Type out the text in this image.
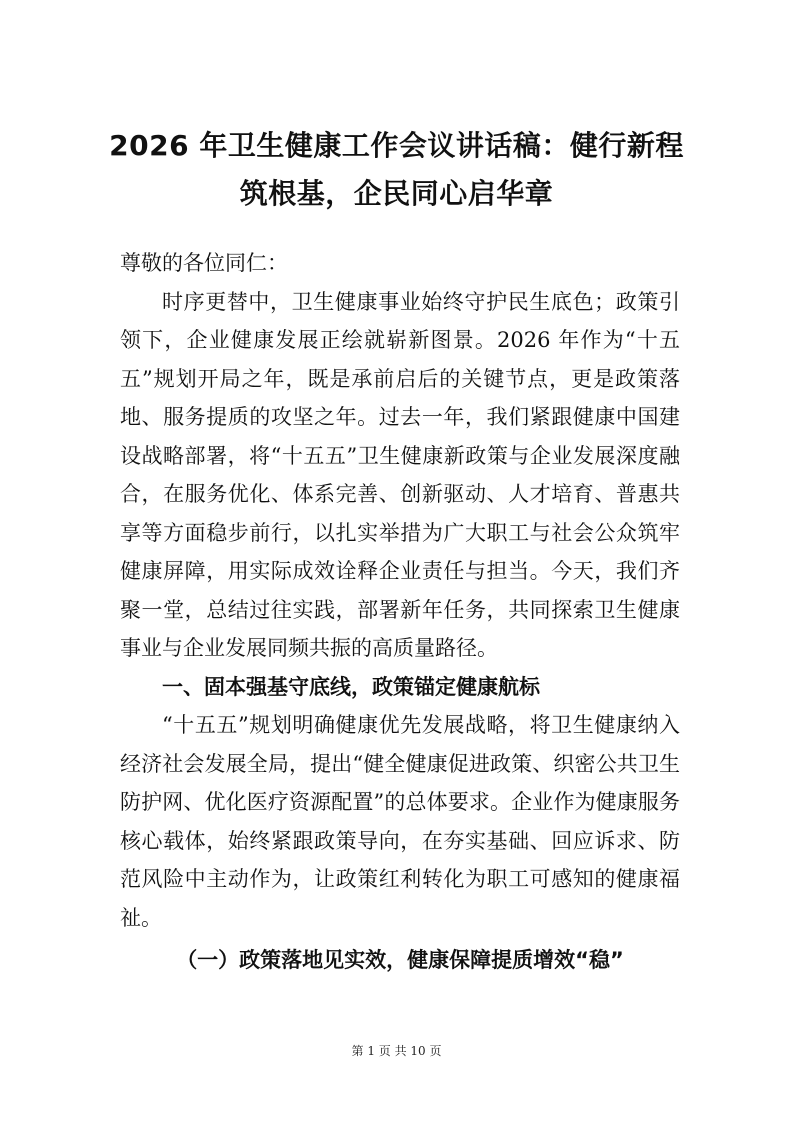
2026 年卫生健康工作会议讲话稿：健行新程
筑根基，企民同心启华章

尊敬的各位同仁：

时序更替中，卫生健康事业始终守护民生底色；政策引领下，企业健康发展正绘就崭新图景。2026 年作为“十五五”规划开局之年，既是承前启后的关键节点，更是政策落地、服务提质的攻坚之年。过去一年，我们紧跟健康中国建设战略部署，将“十五五”卫生健康新政策与企业发展深度融合，在服务优化、体系完善、创新驱动、人才培育、普惠共享等方面稳步前行，以扎实举措为广大职工与社会公众筑牢健康屏障，用实际成效诠释企业责任与担当。今天，我们齐聚一堂，总结过往实践，部署新年任务，共同探索卫生健康事业与企业发展同频共振的高质量路径。

一、固本强基守底线，政策锚定健康航标

“十五五”规划明确健康优先发展战略，将卫生健康纳入经济社会发展全局，提出“健全健康促进政策、织密公共卫生防护网、优化医疗资源配置”的总体要求。企业作为健康服务核心载体，始终紧跟政策导向，在夯实基础、回应诉求、防范风险中主动作为，让政策红利转化为职工可感知的健康福祉。

（一）政策落地见实效，健康保障提质增效“稳”

第 1 页 共 10 页
